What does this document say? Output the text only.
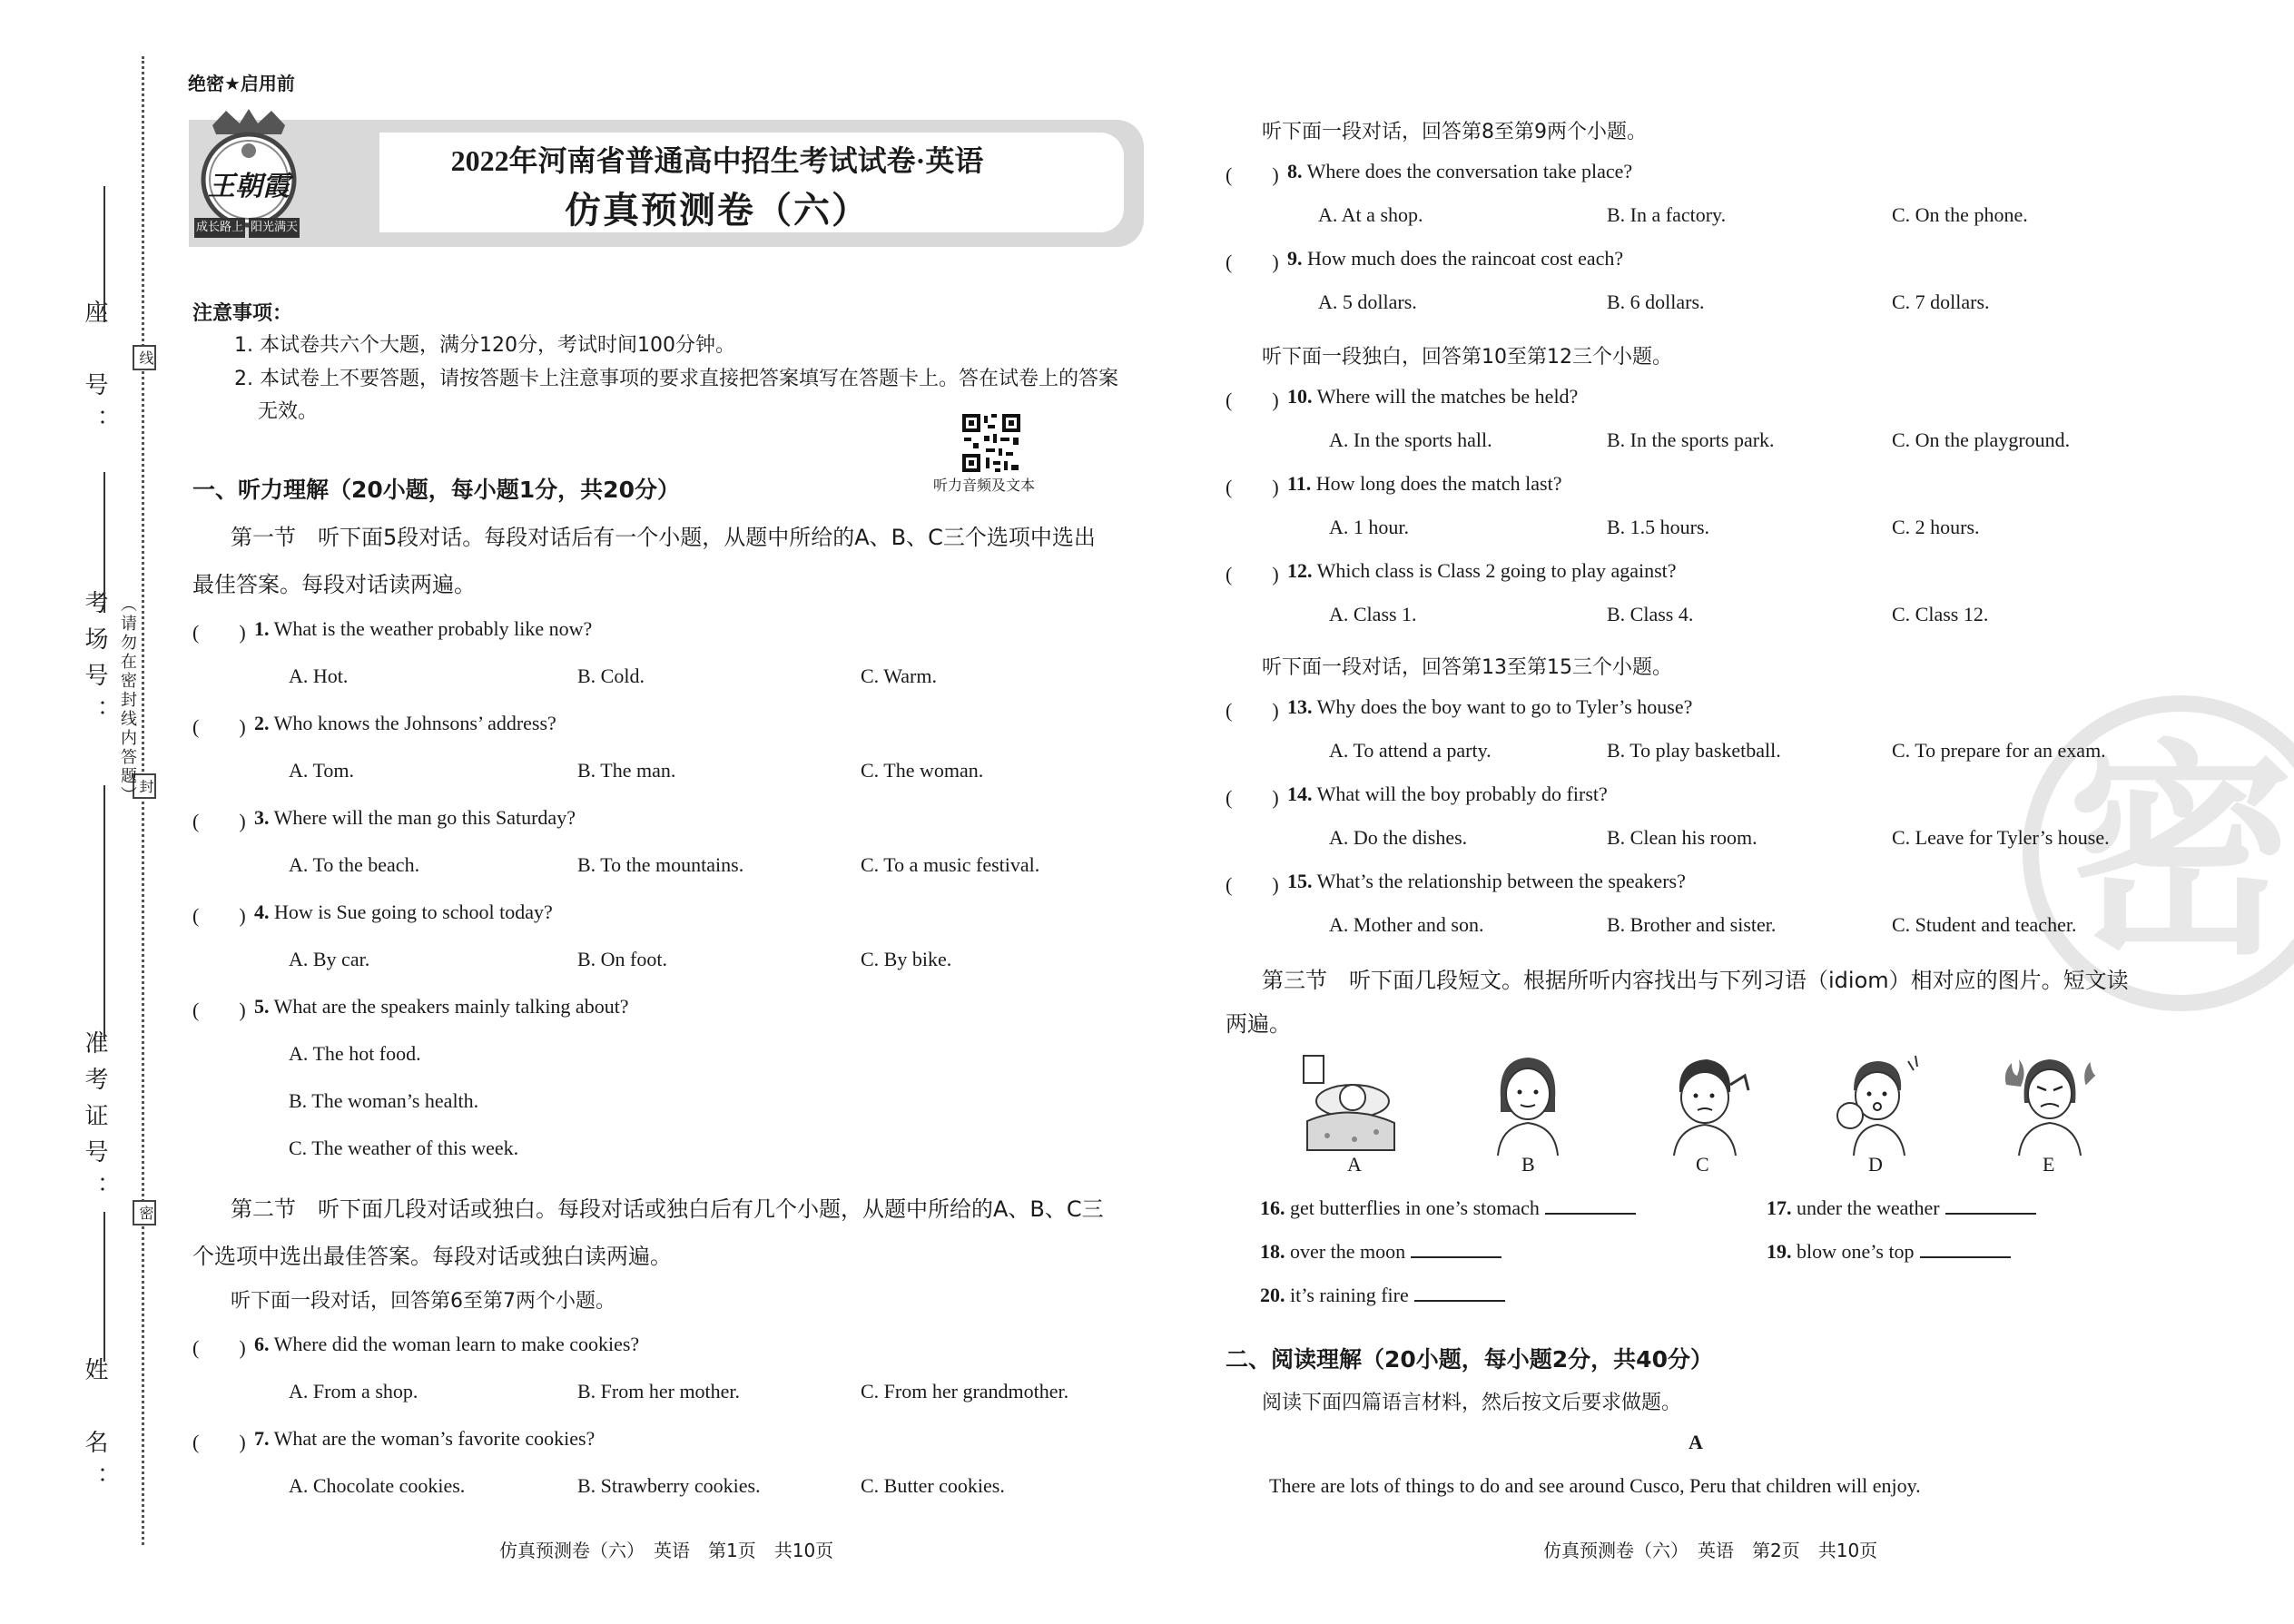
座　号：
考场号：
准考证号：
姓　名：
线
封
密
（请勿在密封线内答题）
绝密★启用前
王朝霞
成长路上 阳光满天
2022年河南省普通高中招生考试试卷·英语
仿真预测卷（六）
注意事项：
1. 本试卷共六个大题，满分120分，考试时间100分钟。
2. 本试卷上不要答题，请按答题卡上注意事项的要求直接把答案填写在答题卡上。答在试卷上的答案
无效。
听力音频及文本
一、听力理解（20小题，每小题1分，共20分）
第一节　听下面5段对话。每段对话后有一个小题，从题中所给的A、B、C三个选项中选出
最佳答案。每段对话读两遍。
(　　) 1. What is the weather probably like now?
A. Hot.	B. Cold.	C. Warm.
(　　) 2. Who knows the Johnsons’ address?
A. Tom.	B. The man.	C. The woman.
(　　) 3. Where will the man go this Saturday?
A. To the beach.	B. To the mountains.	C. To a music festival.
(　　) 4. How is Sue going to school today?
A. By car.	B. On foot.	C. By bike.
(　　) 5. What are the speakers mainly talking about?
A. The hot food.
B. The woman’s health.
C. The weather of this week.
第二节　听下面几段对话或独白。每段对话或独白后有几个小题，从题中所给的A、B、C三
个选项中选出最佳答案。每段对话或独白读两遍。
听下面一段对话，回答第6至第7两个小题。
(　　) 6. Where did the woman learn to make cookies?
A. From a shop.	B. From her mother.	C. From her grandmother.
(　　) 7. What are the woman’s favorite cookies?
A. Chocolate cookies.	B. Strawberry cookies.	C. Butter cookies.
仿真预测卷（六）　英语　第1页　共10页
密
听下面一段对话，回答第8至第9两个小题。
(　　) 8. Where does the conversation take place?
A. At a shop.	B. In a factory.	C. On the phone.
(　　) 9. How much does the raincoat cost each?
A. 5 dollars.	B. 6 dollars.	C. 7 dollars.
听下面一段独白，回答第10至第12三个小题。
(　　) 10. Where will the matches be held?
A. In the sports hall.	B. In the sports park.	C. On the playground.
(　　) 11. How long does the match last?
A. 1 hour.	B. 1.5 hours.	C. 2 hours.
(　　) 12. Which class is Class 2 going to play against?
A. Class 1.	B. Class 4.	C. Class 12.
听下面一段对话，回答第13至第15三个小题。
(　　) 13. Why does the boy want to go to Tyler’s house?
A. To attend a party.	B. To play basketball.	C. To prepare for an exam.
(　　) 14. What will the boy probably do first?
A. Do the dishes.	B. Clean his room.	C. Leave for Tyler’s house.
(　　) 15. What’s the relationship between the speakers?
A. Mother and son.	B. Brother and sister.	C. Student and teacher.
第三节　听下面几段短文。根据所听内容找出与下列习语（idiom）相对应的图片。短文读
两遍。
A	B	C	D	E
16. get butterflies in one’s stomach	17. under the weather
18. over the moon	19. blow one’s top
20. it’s raining fire
二、阅读理解（20小题，每小题2分，共40分）
阅读下面四篇语言材料，然后按文后要求做题。
A
There are lots of things to do and see around Cusco, Peru that children will enjoy.
仿真预测卷（六）　英语　第2页　共10页
